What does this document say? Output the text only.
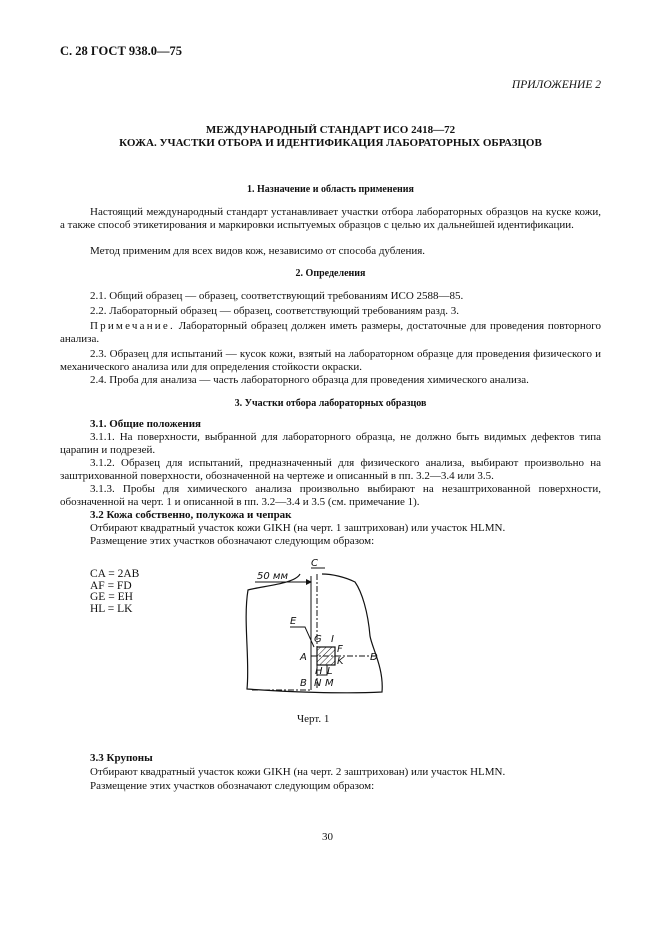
С. 28 ГОСТ 938.0—75
ПРИЛОЖЕНИЕ 2
МЕЖДУНАРОДНЫЙ СТАНДАРТ ИСО 2418—72
КОЖА. УЧАСТКИ ОТБОРА И ИДЕНТИФИКАЦИЯ ЛАБОРАТОРНЫХ ОБРАЗЦОВ
1. Назначение и область применения
Настоящий международный стандарт устанавливает участки отбора лабораторных образцов на куске кожи, а также способ этикетирования и маркировки испытуемых образцов с целью их дальнейшей идентификации.
Метод применим для всех видов кож, независимо от способа дубления.
2. Определения
2.1. Общий образец — образец, соответствующий требованиям ИСО 2588—85.
2.2. Лабораторный образец — образец, соответствующий требованиям разд. 3.
Примечание. Лабораторный образец должен иметь размеры, достаточные для проведения повторного анализа.
2.3. Образец для испытаний — кусок кожи, взятый на лабораторном образце для проведения физического и механического анализа или для определения стойкости окраски.
2.4. Проба для анализа — часть лабораторного образца для проведения химического анализа.
3. Участки отбора лабораторных образцов
3.1. Общие положения
3.1.1. На поверхности, выбранной для лабораторного образца, не должно быть видимых дефектов типа царапин и подрезей.
3.1.2. Образец для испытаний, предназначенный для физического анализа, выбирают произвольно на заштрихованной поверхности, обозначенной на чертеже и описанный в пп. 3.2—3.4 или 3.5.
3.1.3. Пробы для химического анализа произвольно выбирают на незаштрихованной поверхности, обозначенной на черт. 1 и описанной в пп. 3.2—3.4 и 3.5 (см. примечание 1).
3.2 Кожа собственно, полукожа и чепрак
Отбирают квадратный участок кожи GIKH (на черт. 1 заштрихован) или участок HLMN.
Размещение этих участков обозначают следующим образом:
CA = 2AB
AF = FD
GE = EH
HL = LK
50 мм
C
E
G I
A
F
K	D
H L
B N M
Черт. 1
3.3 Крупоны
Отбирают квадратный участок кожи GIKH (на черт. 2 заштрихован) или участок HLMN.
Размещение этих участков обозначают следующим образом:
30
